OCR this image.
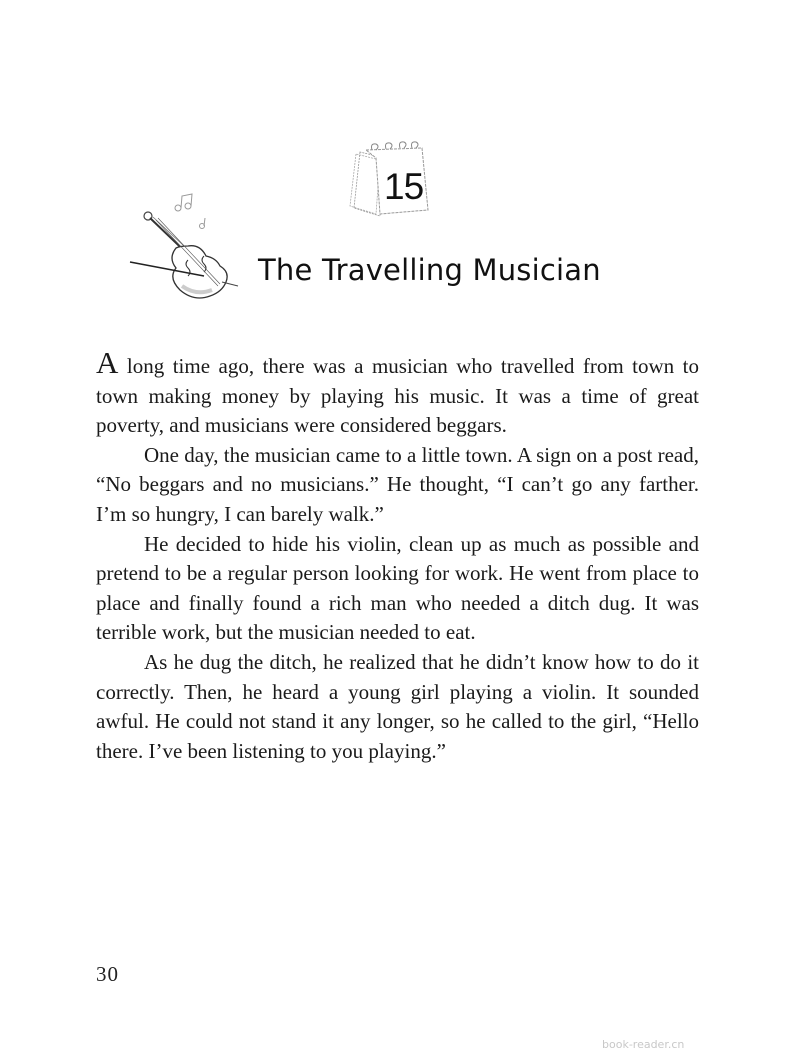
15
The Travelling Musician

A long time ago, there was a musician who travelled from town to town making money by playing his music. It was a time of great poverty, and musicians were considered beggars.

One day, the musician came to a little town. A sign on a post read, “No beggars and no musicians.” He thought, “I can’t go any farther. I’m so hungry, I can barely walk.”

He decided to hide his violin, clean up as much as possible and pretend to be a regular person looking for work. He went from place to place and finally found a rich man who needed a ditch dug. It was terrible work, but the musician needed to eat.

As he dug the ditch, he realized that he didn’t know how to do it correctly. Then, he heard a young girl playing a violin. It sounded awful. He could not stand it any longer, so he called to the girl, “Hello there. I’ve been listening to you playing.”

30
book-reader.cn
